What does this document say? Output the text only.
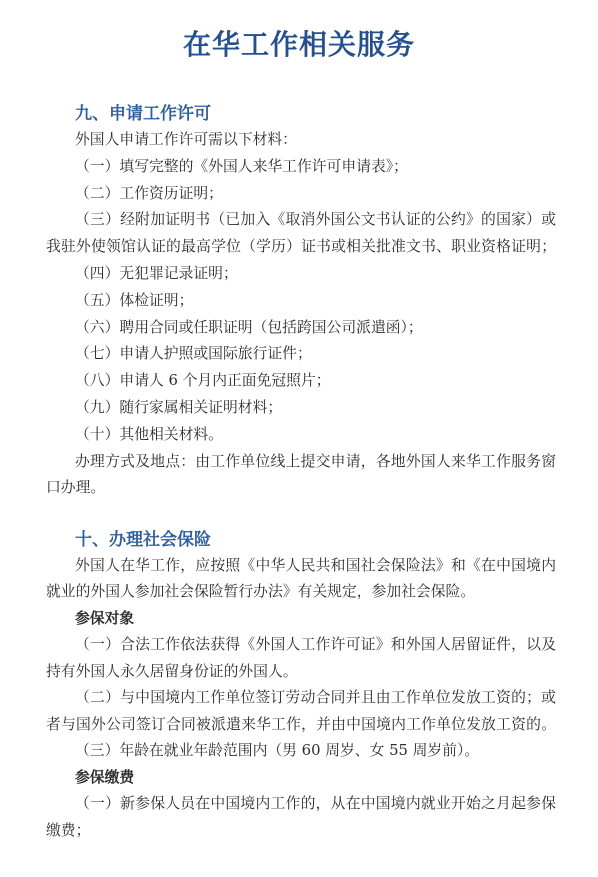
在华工作相关服务
九、申请工作许可
外国人申请工作许可需以下材料：
（一）填写完整的《外国人来华工作许可申请表》；
（二）工作资历证明；
（三）经附加证明书（已加入《取消外国公文书认证的公约》的国家）或
我驻外使领馆认证的最高学位（学历）证书或相关批准文书、职业资格证明；
（四）无犯罪记录证明；
（五）体检证明；
（六）聘用合同或任职证明（包括跨国公司派遣函）；
（七）申请人护照或国际旅行证件；
（八）申请人 6 个月内正面免冠照片；
（九）随行家属相关证明材料；
（十）其他相关材料。
办理方式及地点：由工作单位线上提交申请，各地外国人来华工作服务窗
口办理。
十、办理社会保险
外国人在华工作，应按照《中华人民共和国社会保险法》和《在中国境内
就业的外国人参加社会保险暂行办法》有关规定，参加社会保险。
参保对象
（一）合法工作依法获得《外国人工作许可证》和外国人居留证件，以及
持有外国人永久居留身份证的外国人。
（二）与中国境内工作单位签订劳动合同并且由工作单位发放工资的；或
者与国外公司签订合同被派遣来华工作，并由中国境内工作单位发放工资的。
（三）年龄在就业年龄范围内（男 60 周岁、女 55 周岁前）。
参保缴费
（一）新参保人员在中国境内工作的，从在中国境内就业开始之月起参保
缴费；
